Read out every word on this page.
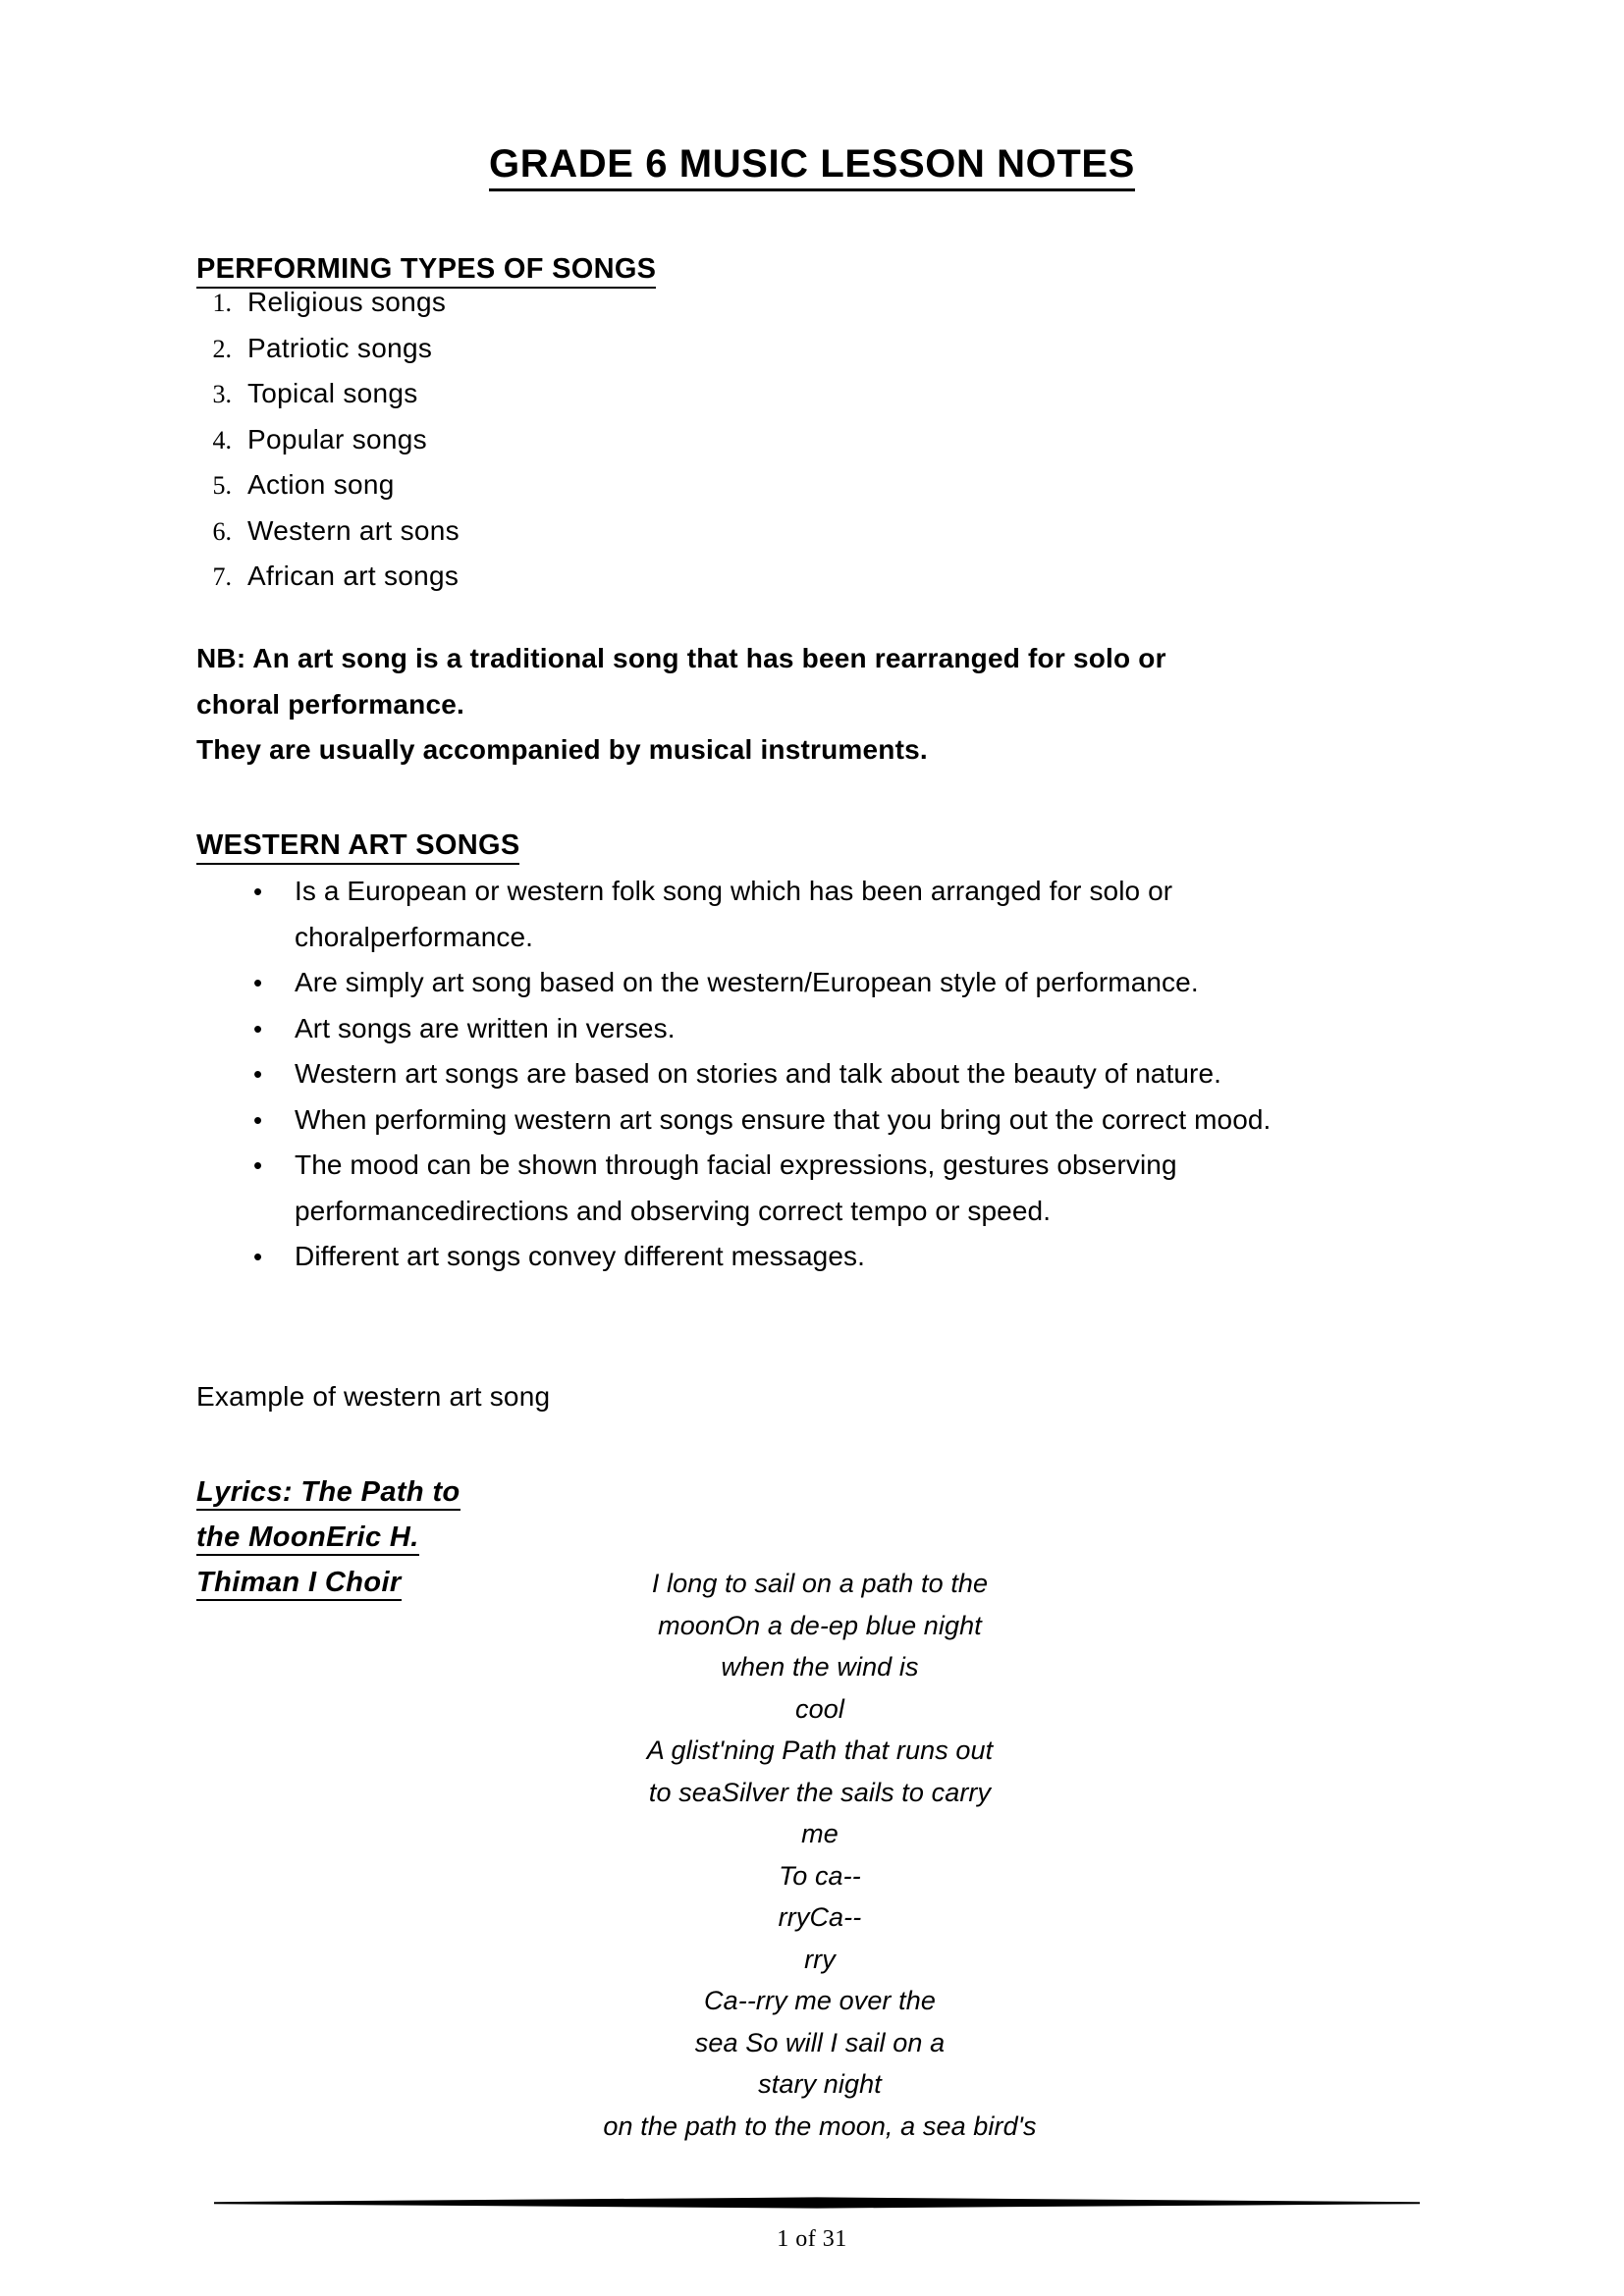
GRADE 6 MUSIC LESSON NOTES
PERFORMING TYPES OF SONGS
1. Religious songs
2. Patriotic songs
3. Topical songs
4. Popular songs
5. Action song
6. Western art sons
7. African art songs
NB: An art song is a traditional song that has been rearranged for solo or
choral performance.
They are usually accompanied by musical instruments.
WESTERN ART SONGS
• Is a European or western folk song which has been arranged for solo or choralperformance.
• Are simply art song based on the western/European style of performance.
• Art songs are written in verses.
• Western art songs are based on stories and talk about the beauty of nature.
• When performing western art songs ensure that you bring out the correct mood.
• The mood can be shown through facial expressions, gestures observing performancedirections and observing correct tempo or speed.
• Different art songs convey different messages.
Example of western art song
Lyrics: The Path to the MoonEric H. Thiman I Choir	I long to sail on a path to the
moonOn a de-ep blue night
when the wind is
cool
A glist'ning Path that runs out
to seaSilver the sails to carry
me
To ca--
rryCa--
rry
Ca--rry me over the
sea So will I sail on a
stary night
on the path to the moon, a sea bird's
1 of 31
